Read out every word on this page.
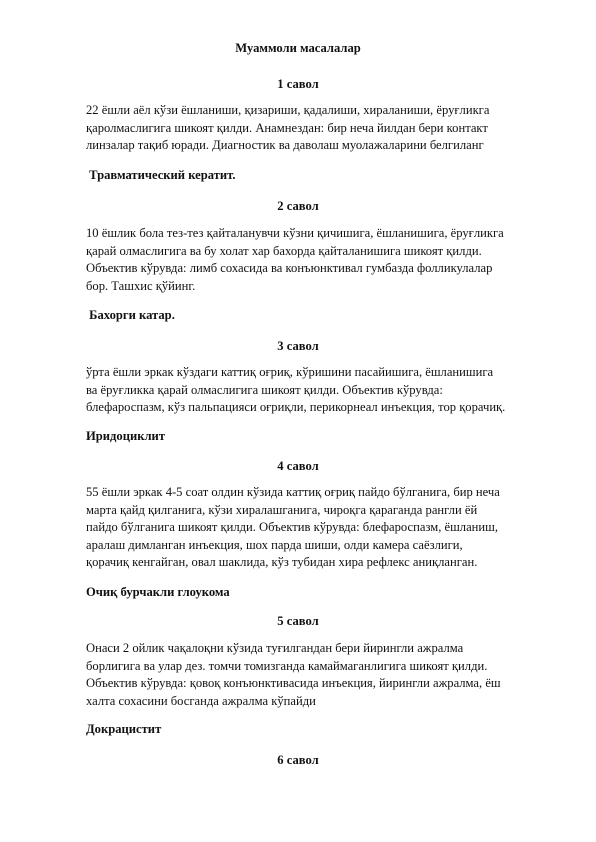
Муаммоли масалалар
1 савол

22 ёшли аёл кўзи ёшланиши, қизариши, қадалиши, хираланиши, ёруғликга
қаролмаслигига шикоят қилди. Анамнездан: бир неча йилдан бери контакт
линзалар тақиб юради. Диагностик ва даволаш муолажаларини белгиланг

Травматический кератит.

2 савол

10 ёшлик бола тез-тез қайталанувчи кўзни қичишига, ёшланишига, ёруғликга
қарай олмаслигига ва бу холат хар бахорда қайталанишига шикоят қилди.
Объектив кўрувда: лимб сохасида ва конъюнктивал гумбазда фолликулалар
бор. Ташхис қўйинг.

Бахорги катар.

3 савол

ўрта ёшли эркак кўздаги каттиқ оғриқ, кўришини пасайишига, ёшланишига
ва ёруғликка қарай олмаслигига шикоят қилди. Объектив кўрувда:
блефароспазм, кўз пальпацияси оғриқли, перикорнеал инъекция, тор қорачиқ.

Иридоциклит

4 савол

55 ёшли эркак 4-5 соат олдин кўзида каттиқ оғриқ пайдо бўлганига, бир неча
марта қайд қилганига, кўзи хиралашганига, чироқга қараганда рангли ёй
пайдо бўлганига шикоят қилди. Объектив кўрувда: блефароспазм, ёшланиш,
аралаш димланган инъекция, шох парда шиши, олди камера саёзлиги,
қорачиқ кенгайган, овал шаклида, кўз тубидан хира рефлекс аниқланган.

Очиқ бурчакли глоукома

5 савол

Онаси 2 ойлик чақалоқни кўзида туғилгандан бери йирингли ажралма
борлигига ва улар дез. томчи томизганда камаймаганлигига шикоят қилди.
Объектив кўрувда: қовоқ конъюнктивасида инъекция, йирингли ажралма, ёш
халта сохасини босганда ажралма кўпайди

Докрацистит

6 савол
